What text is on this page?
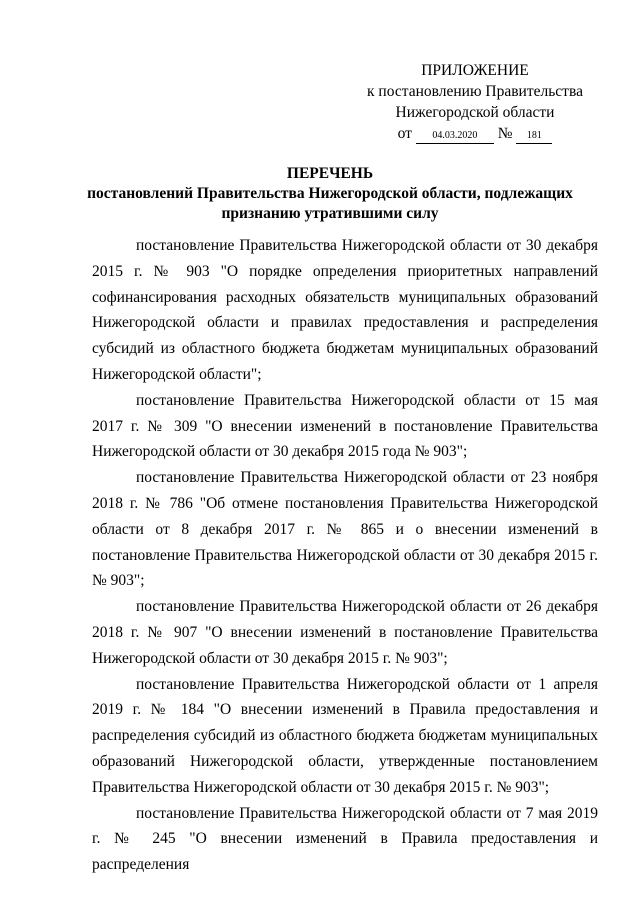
ПРИЛОЖЕНИЕ
к постановлению Правительства
Нижегородской области
от 04.03.2020 № 181
ПЕРЕЧЕНЬ
постановлений Правительства Нижегородской области, подлежащих
признанию утратившими силу

постановление Правительства Нижегородской области от 30 декабря 2015 г. № 903 "О порядке определения приоритетных направлений софинансирования расходных обязательств муниципальных образований Нижегородской области и правилах предоставления и распределения субсидий из областного бюджета бюджетам муниципальных образований Нижегородской области";

постановление Правительства Нижегородской области от 15 мая 2017 г. № 309 "О внесении изменений в постановление Правительства Нижегородской области от 30 декабря 2015 года № 903";

постановление Правительства Нижегородской области от 23 ноября 2018 г. № 786 "Об отмене постановления Правительства Нижегородской области от 8 декабря 2017 г. № 865 и о внесении изменений в постановление Правительства Нижегородской области от 30 декабря 2015 г. № 903";

постановление Правительства Нижегородской области от 26 декабря 2018 г. № 907 "О внесении изменений в постановление Правительства Нижегородской области от 30 декабря 2015 г. № 903";

постановление Правительства Нижегородской области от 1 апреля 2019 г. № 184 "О внесении изменений в Правила предоставления и распределения субсидий из областного бюджета бюджетам муниципальных образований Нижегородской области, утвержденные постановлением Правительства Нижегородской области от 30 декабря 2015 г. № 903";

постановление Правительства Нижегородской области от 7 мая 2019 г. № 245 "О внесении изменений в Правила предоставления и распределения
